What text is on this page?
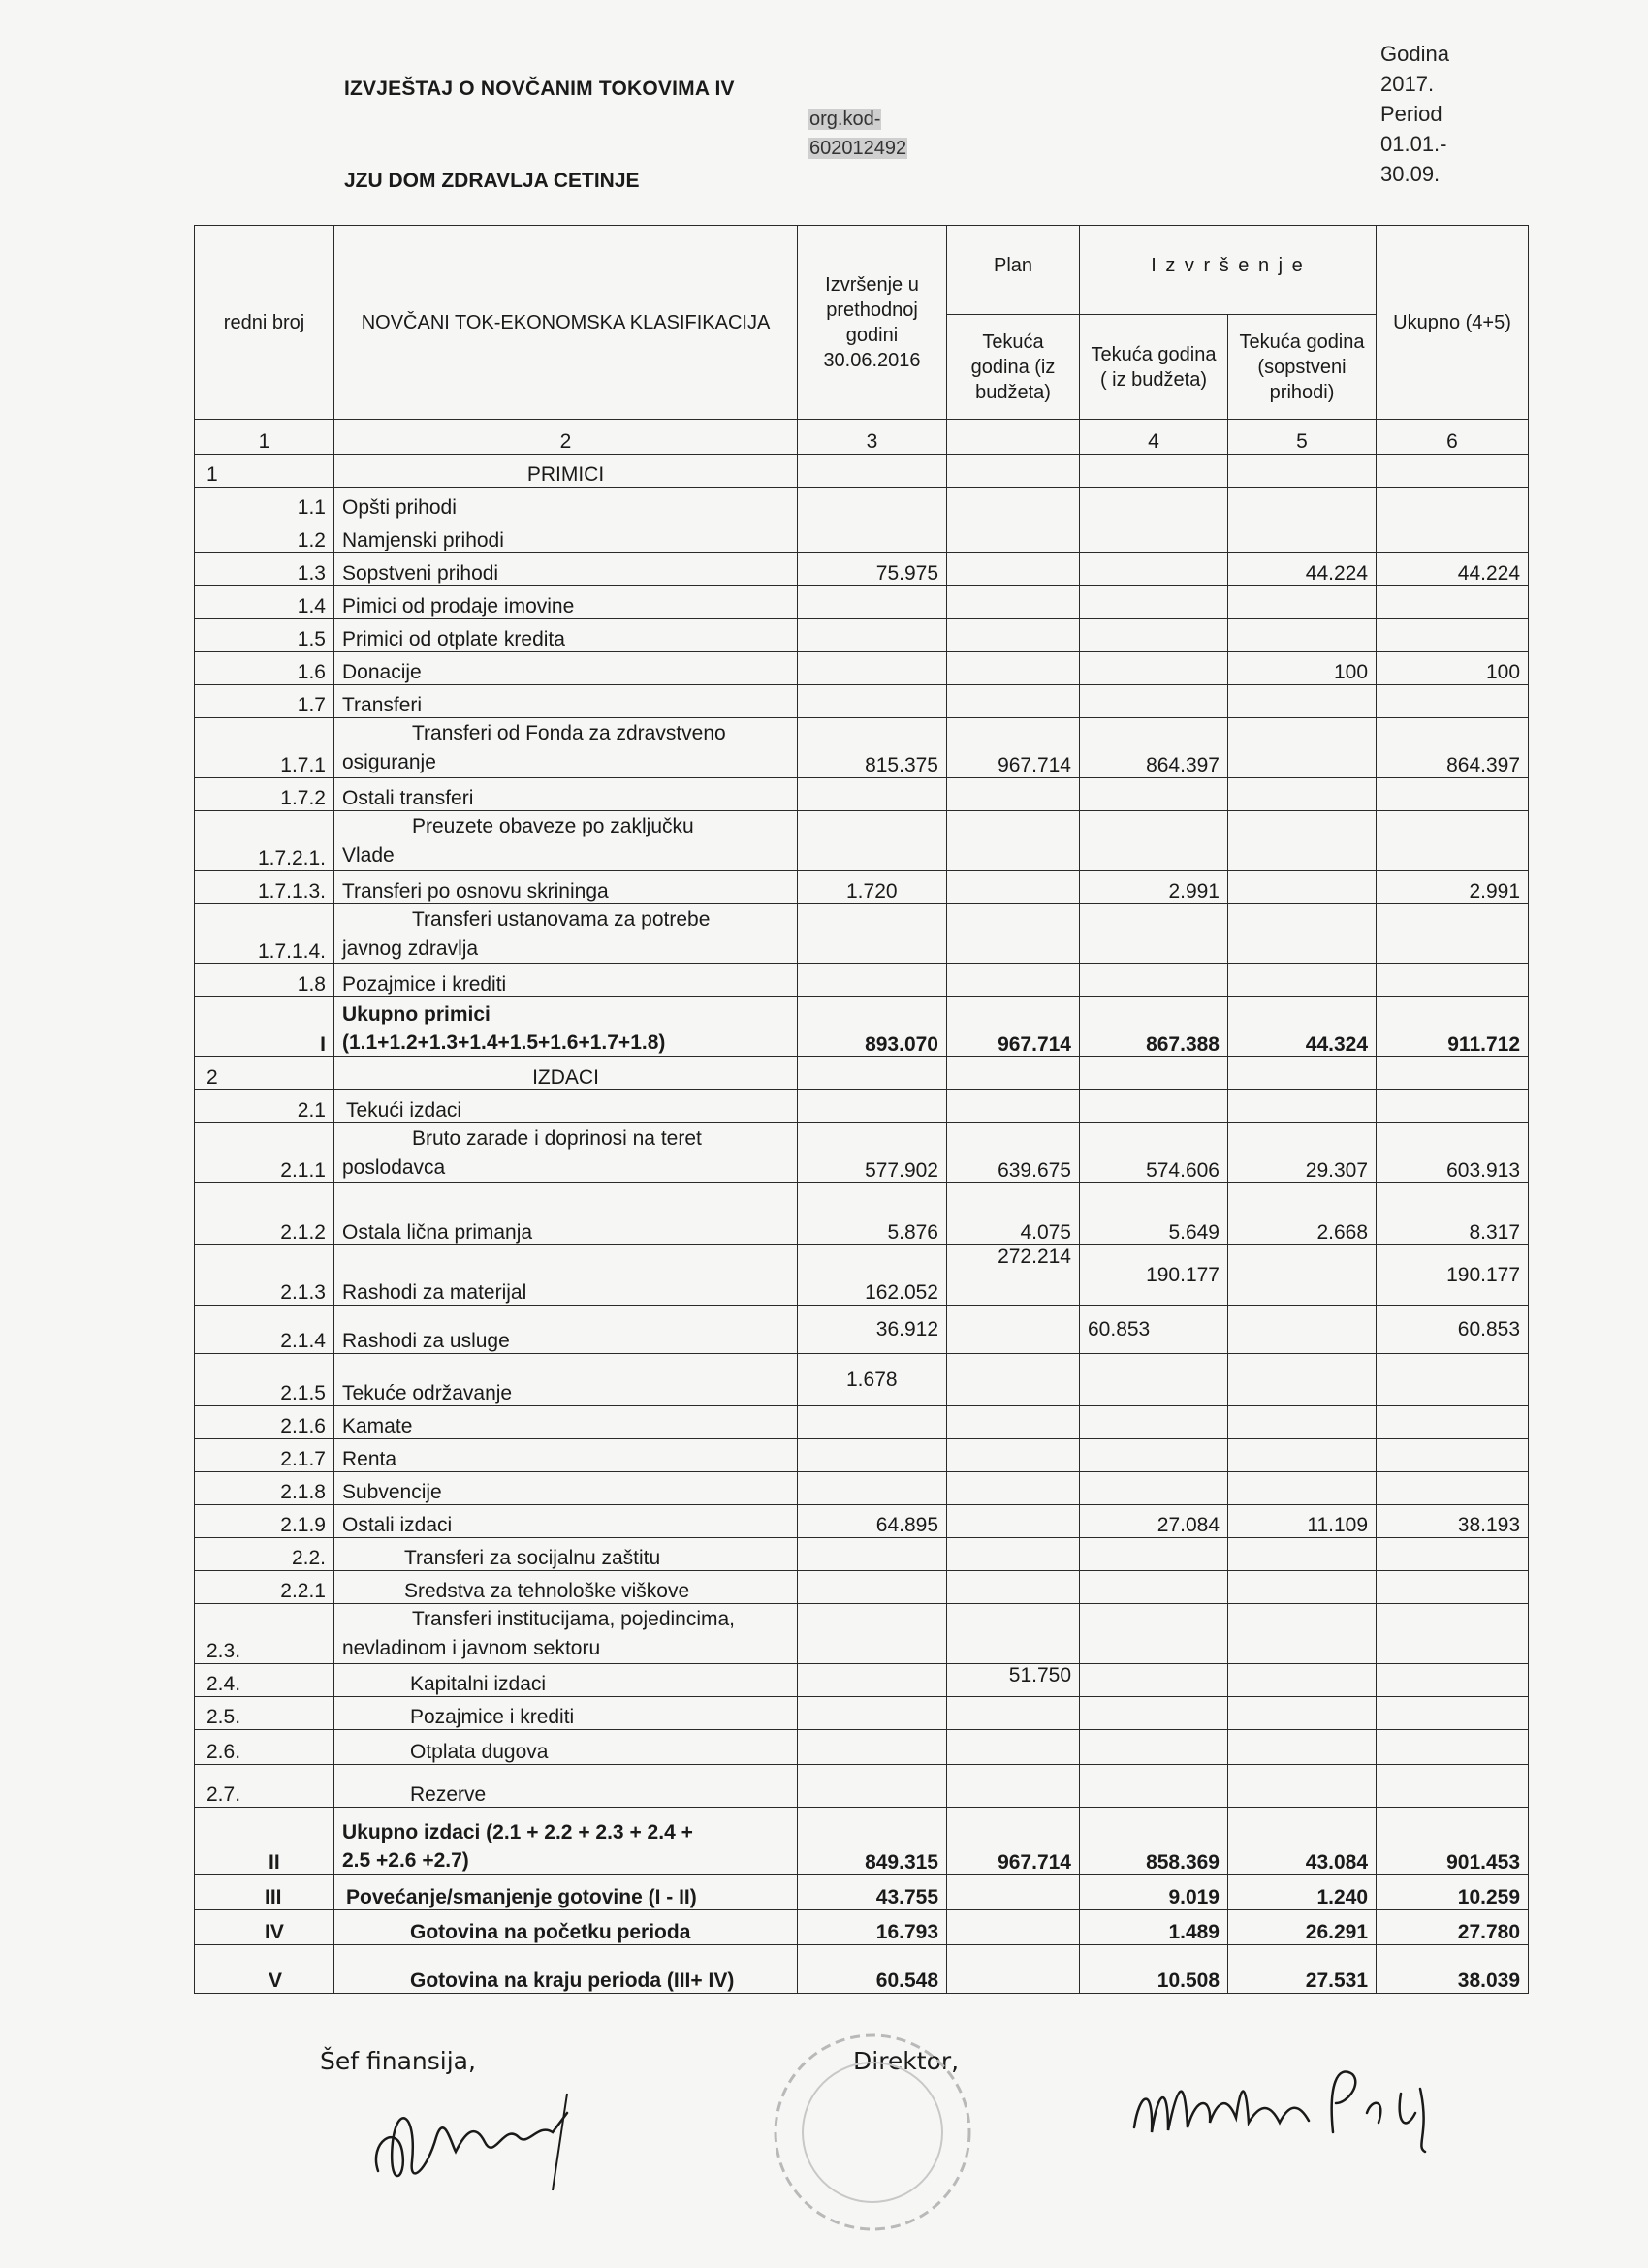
IZVJEŠTAJ O NOVČANIM TOKOVIMA IV
JZU DOM ZDRAVLJA CETINJE
org.kod-
602012492
Godina
2017.
Period
01.01.-
30.09.
redni broj	NOVČANI TOK-EKONOMSKA KLASIFIKACIJA	Izvršenje u prethodnoj godini 30.06.2016	Plan	I z v r š e n j e		Ukupno (4+5)
			Tekuća godina (iz budžeta)	Tekuća godina ( iz budžeta)	Tekuća godina (sopstveni prihodi)	
1	2	3		4	5	6
1	PRIMICI					
1.1	Opšti prihodi					
1.2	Namjenski prihodi					
1.3	Sopstveni prihodi	75.975			44.224	44.224
1.4	Pimici od prodaje imovine					
1.5	Primici od otplate kredita					
1.6	Donacije				100	100
1.7	Transferi					
1.7.1	Transferi od Fonda za zdravstveno
osiguranje	815.375	967.714	864.397		864.397
1.7.2	Ostali transferi					
1.7.2.1.	Preuzete obaveze po zaključku
Vlade					
1.7.1.3.	Transferi po osnovu skrininga	1.720		2.991		2.991
1.7.1.4.	Transferi ustanovama za potrebe
javnog zdravlja					
1.8	Pozajmice i krediti					
I	Ukupno primici
(1.1+1.2+1.3+1.4+1.5+1.6+1.7+1.8)	893.070	967.714	867.388	44.324	911.712
2	IZDACI					
2.1	Tekući izdaci					
2.1.1	Bruto zarade i doprinosi na teret
poslodavca	577.902	639.675	574.606	29.307	603.913
2.1.2	Ostala lična primanja	5.876	4.075	5.649	2.668	8.317
2.1.3	Rashodi za materijal	162.052	272.214	190.177		190.177
2.1.4	Rashodi za usluge	36.912		60.853		60.853
2.1.5	Tekuće održavanje	1.678				
2.1.6	Kamate					
2.1.7	Renta					
2.1.8	Subvencije					
2.1.9	Ostali izdaci	64.895		27.084	11.109	38.193
2.2.	Transferi za socijalnu zaštitu					
2.2.1	Sredstva za tehnološke viškove					
2.3.	Transferi institucijama, pojedincima,
nevladinom i javnom sektoru					
2.4.	Kapitalni izdaci		51.750			
2.5.	Pozajmice i krediti					
2.6.	Otplata dugova					
2.7.	Rezerve					
II	Ukupno izdaci (2.1 + 2.2 + 2.3 + 2.4 +
2.5 +2.6 +2.7)	849.315	967.714	858.369	43.084	901.453
III	Povećanje/smanjenje gotovine (I - II)	43.755		9.019	1.240	10.259
IV	Gotovina na početku perioda	16.793		1.489	26.291	27.780
V	Gotovina na kraju perioda (III+ IV)	60.548		10.508	27.531	38.039
Šef finansija,	Direktor,
